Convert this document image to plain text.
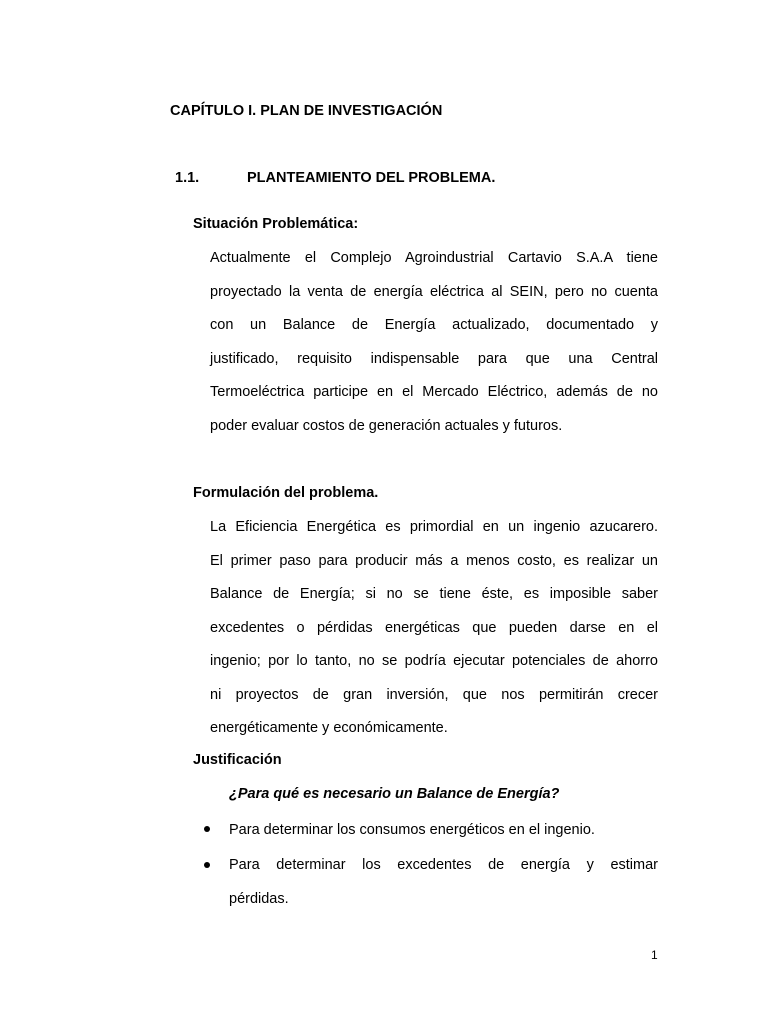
CAPÍTULO I. PLAN DE INVESTIGACIÓN
1.1.	PLANTEAMIENTO DEL PROBLEMA.
Situación Problemática:
Actualmente el Complejo Agroindustrial Cartavio S.A.A tiene
proyectado la venta de energía eléctrica al SEIN, pero no cuenta
con un Balance de Energía actualizado, documentado y
justificado, requisito indispensable para que una Central
Termoeléctrica participe en el Mercado Eléctrico, además de no
poder evaluar costos de generación actuales y futuros.
Formulación del problema.
La Eficiencia Energética es primordial en un ingenio azucarero.
El primer paso para producir más a menos costo, es realizar un
Balance de Energía; si no se tiene éste, es imposible saber
excedentes o pérdidas energéticas que pueden darse en el
ingenio; por lo tanto, no se podría ejecutar potenciales de ahorro
ni proyectos de gran inversión, que nos permitirán crecer
energéticamente y económicamente.
Justificación
¿Para qué es necesario un Balance de Energía?
Para determinar los consumos energéticos en el ingenio.
Para determinar los excedentes de energía y estimar
pérdidas.
1
